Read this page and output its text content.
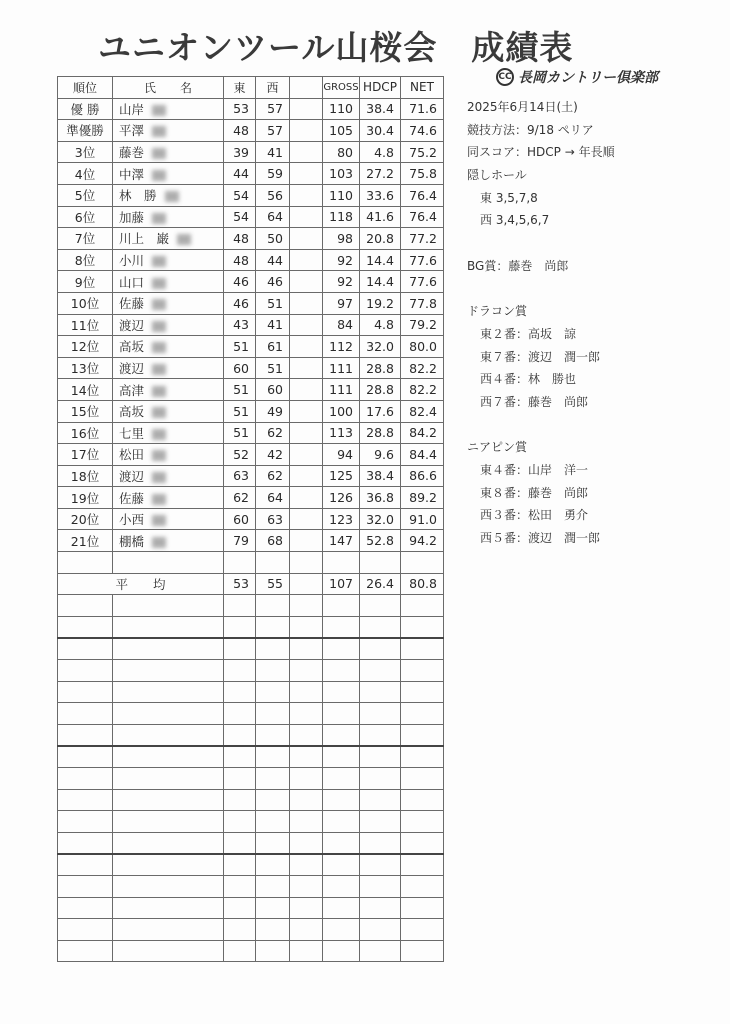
ユニオンツール山桜会　成績表
CC 長岡カントリー倶楽部
順位	氏　　名	東	西		GROSS	HDCP	NET
優 勝	山岸	53	57		110	38.4	71.6
準優勝	平澤	48	57		105	30.4	74.6
3位	藤巻	39	41		80	4.8	75.2
4位	中澤	44	59		103	27.2	75.8
5位	林　勝	54	56		110	33.6	76.4
6位	加藤	54	64		118	41.6	76.4
7位	川上　巌	48	50		98	20.8	77.2
8位	小川	48	44		92	14.4	77.6
9位	山口	46	46		92	14.4	77.6
10位	佐藤	46	51		97	19.2	77.8
11位	渡辺	43	41		84	4.8	79.2
12位	高坂	51	61		112	32.0	80.0
13位	渡辺	60	51		111	28.8	82.2
14位	高津	51	60		111	28.8	82.2
15位	高坂	51	49		100	17.6	82.4
16位	七里	51	62		113	28.8	84.2
17位	松田	52	42		94	9.6	84.4
18位	渡辺	63	62		125	38.4	86.6
19位	佐藤	62	64		126	36.8	89.2
20位	小西	60	63		123	32.0	91.0
21位	棚橋	79	68		147	52.8	94.2

平　　均		53	55		107	26.4	80.8

2025年6月14日(土)
競技方法：9/18 ペリア
同スコア：HDCP → 年長順
隠しホール
東 3,5,7,8
西 3,4,5,6,7
BG賞：藤巻　尚郎
ドラコン賞
東２番：高坂　諒
東７番：渡辺　潤一郎
西４番：林　勝也
西７番：藤巻　尚郎
ニアピン賞
東４番：山岸　洋一
東８番：藤巻　尚郎
西３番：松田　勇介
西５番：渡辺　潤一郎
